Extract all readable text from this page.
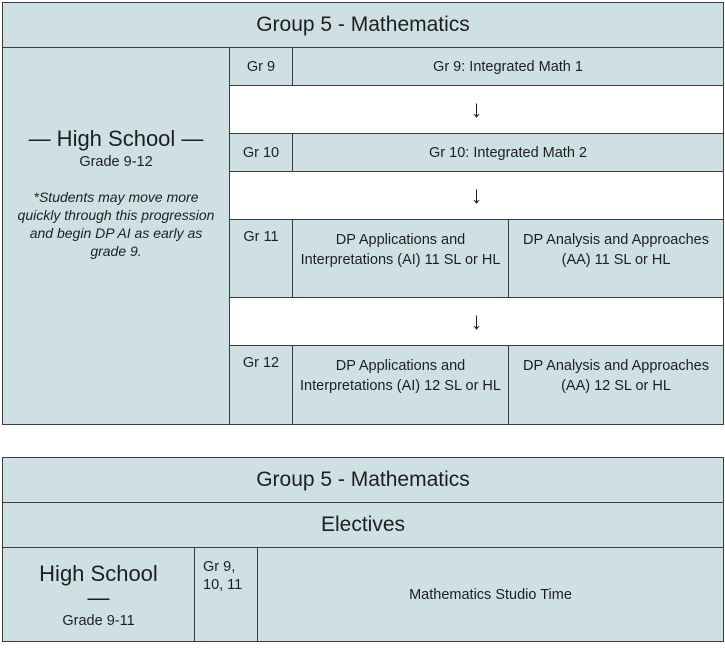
Group 5 - Mathematics			

— High School —
Grade 9-12
*Students may move more quickly through this progression and begin DP AI as early as grade 9.	Gr 9	Gr 9: Integrated Math 1	
	↓		
	Gr 10	Gr 10: Integrated Math 2	
	↓		
	Gr 11	DP Applications and Interpretations (AI) 11 SL or HL	DP Analysis and Approaches (AA) 11 SL or HL
	↓		
	Gr 12	DP Applications and Interpretations (AI) 12 SL or HL	DP Analysis and Approaches (AA) 12 SL or HL
Group 5 - Mathematics
Electives

High School
—
Grade 9-11
	Gr 9, 10, 11	Mathematics Studio Time
